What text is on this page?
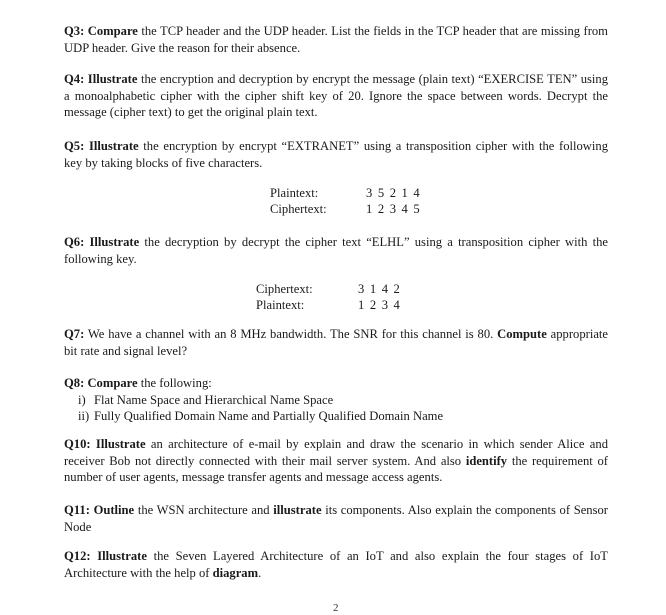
Q3: Compare the TCP header and the UDP header. List the fields in the TCP header that are missing from UDP header. Give the reason for their absence.
Q4: Illustrate the encryption and decryption by encrypt the message (plain text) “EXERCISE TEN” using a monoalphabetic cipher with the cipher shift key of 20. Ignore the space between words. Decrypt the message (cipher text) to get the original plain text.
Q5: Illustrate the encryption by encrypt “EXTRANET” using a transposition cipher with the following key by taking blocks of five characters.
Plaintext:	3 5 2 1 4
Ciphertext:	1 2 3 4 5
Q6: Illustrate the decryption by decrypt the cipher text “ELHL” using a transposition cipher with the following key.
Ciphertext:	3 1 4 2
Plaintext:	1 2 3 4
Q7: We have a channel with an 8 MHz bandwidth. The SNR for this channel is 80. Compute appropriate bit rate and signal level?
Q8: Compare the following:
i) Flat Name Space and Hierarchical Name Space
ii) Fully Qualified Domain Name and Partially Qualified Domain Name
Q10: Illustrate an architecture of e-mail by explain and draw the scenario in which sender Alice and receiver Bob not directly connected with their mail server system. And also identify the requirement of number of user agents, message transfer agents and message access agents.
Q11: Outline the WSN architecture and illustrate its components. Also explain the components of Sensor Node
Q12: Illustrate the Seven Layered Architecture of an IoT and also explain the four stages of IoT Architecture with the help of diagram.
2
